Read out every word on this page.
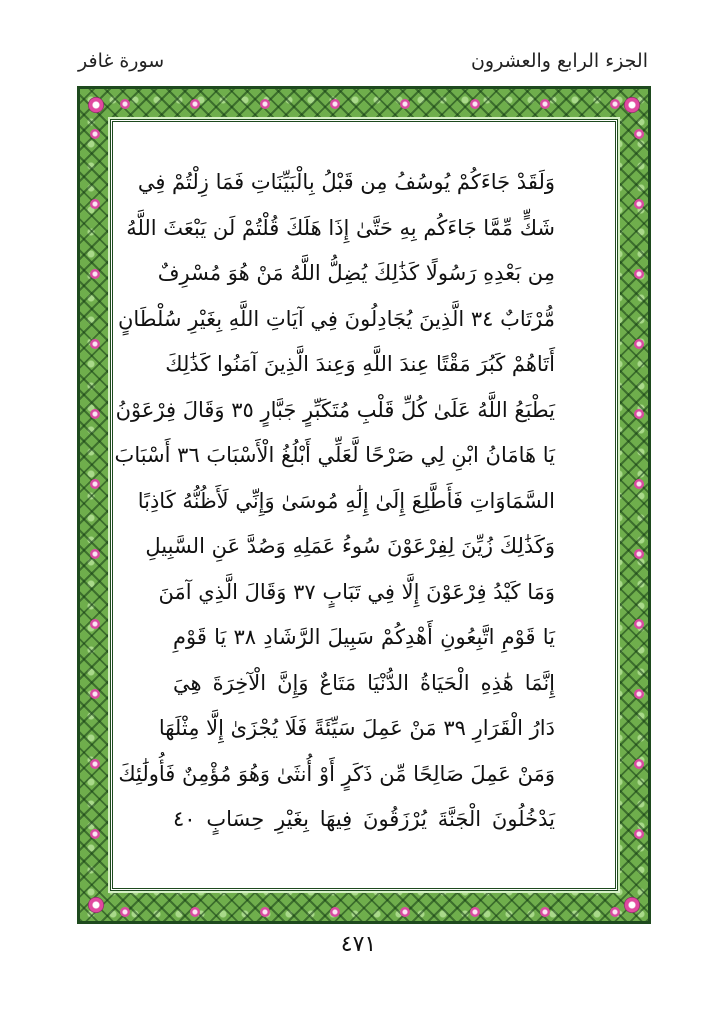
الجزء الرابع والعشرون
سورة غافر
وَلَقَدْ جَاءَكُمْ يُوسُفُ مِن قَبْلُ بِالْبَيِّنَاتِ فَمَا زِلْتُمْ فِي
شَكٍّ مِّمَّا جَاءَكُم بِهِ حَتَّىٰ إِذَا هَلَكَ قُلْتُمْ لَن يَبْعَثَ اللَّهُ
مِن بَعْدِهِ رَسُولًا كَذَٰلِكَ يُضِلُّ اللَّهُ مَنْ هُوَ مُسْرِفٌ
مُّرْتَابٌ ٣٤ الَّذِينَ يُجَادِلُونَ فِي آيَاتِ اللَّهِ بِغَيْرِ سُلْطَانٍ
أَتَاهُمْ كَبُرَ مَقْتًا عِندَ اللَّهِ وَعِندَ الَّذِينَ آمَنُوا كَذَٰلِكَ
يَطْبَعُ اللَّهُ عَلَىٰ كُلِّ قَلْبِ مُتَكَبِّرٍ جَبَّارٍ ٣٥ وَقَالَ فِرْعَوْنُ
يَا هَامَانُ ابْنِ لِي صَرْحًا لَّعَلِّي أَبْلُغُ الْأَسْبَابَ ٣٦ أَسْبَابَ
السَّمَاوَاتِ فَأَطَّلِعَ إِلَىٰ إِلَٰهِ مُوسَىٰ وَإِنِّي لَأَظُنُّهُ كَاذِبًا
وَكَذَٰلِكَ زُيِّنَ لِفِرْعَوْنَ سُوءُ عَمَلِهِ وَصُدَّ عَنِ السَّبِيلِ
وَمَا كَيْدُ فِرْعَوْنَ إِلَّا فِي تَبَابٍ ٣٧ وَقَالَ الَّذِي آمَنَ
يَا قَوْمِ اتَّبِعُونِ أَهْدِكُمْ سَبِيلَ الرَّشَادِ ٣٨ يَا قَوْمِ
إِنَّمَا هَٰذِهِ الْحَيَاةُ الدُّنْيَا مَتَاعٌ وَإِنَّ الْآخِرَةَ هِيَ
دَارُ الْقَرَارِ ٣٩ مَنْ عَمِلَ سَيِّئَةً فَلَا يُجْزَىٰ إِلَّا مِثْلَهَا
وَمَنْ عَمِلَ صَالِحًا مِّن ذَكَرٍ أَوْ أُنثَىٰ وَهُوَ مُؤْمِنٌ فَأُولَٰئِكَ
يَدْخُلُونَ الْجَنَّةَ يُرْزَقُونَ فِيهَا بِغَيْرِ حِسَابٍ ٤٠
٤٧١
